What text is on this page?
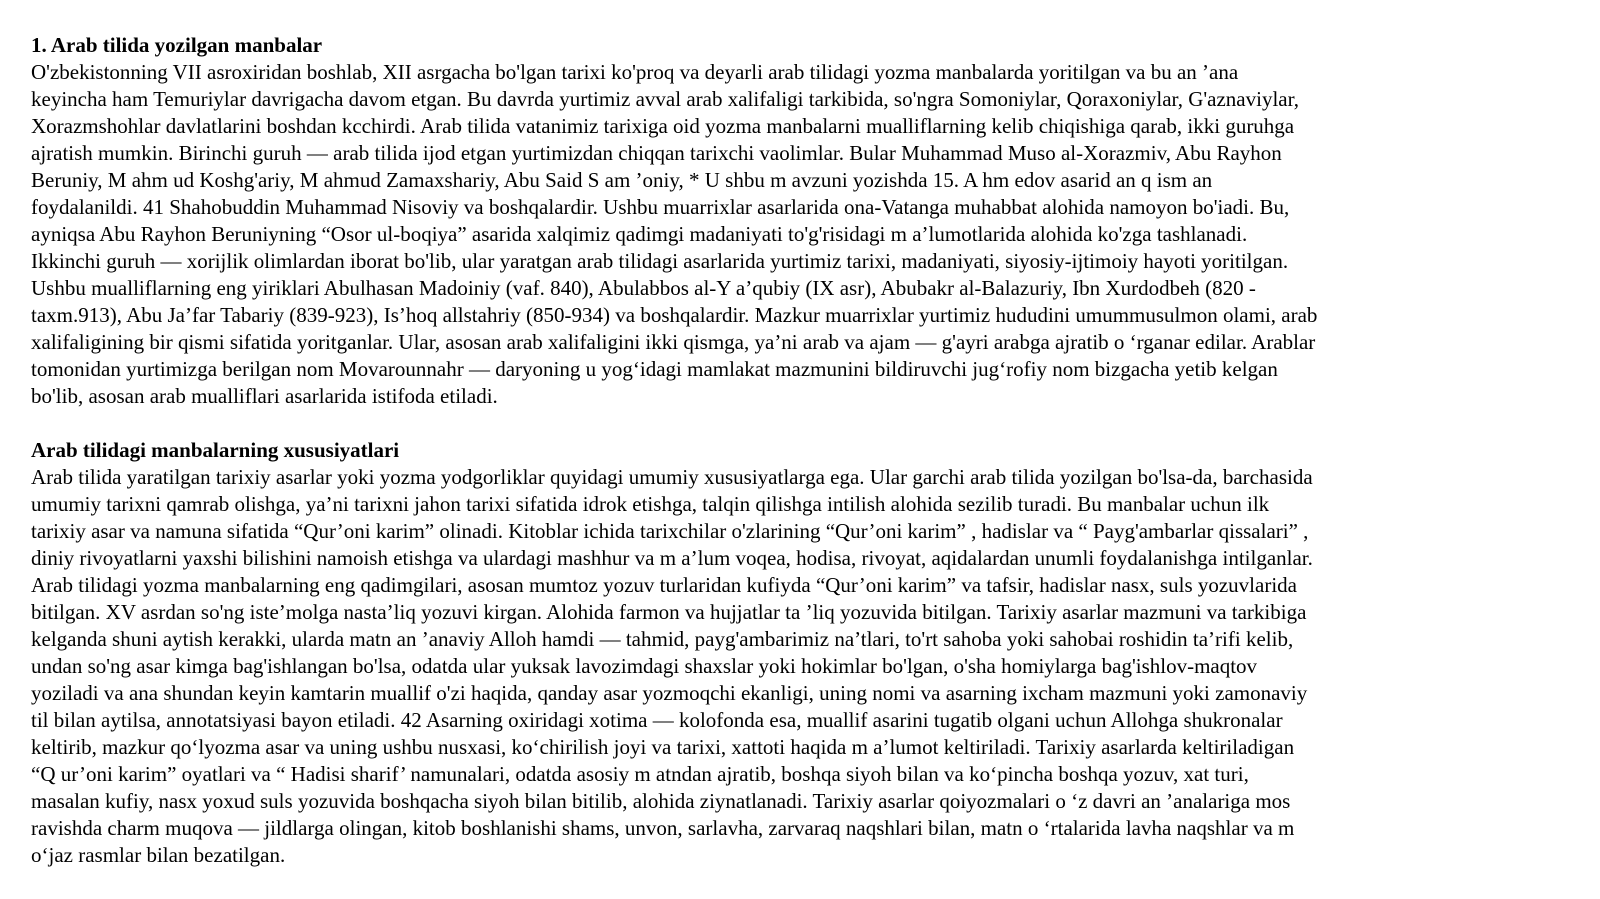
1. Arab tilida yozilgan manbalar

O'zbekistonning VII asroxiridan boshlab, XII asrgacha bo'lgan tarixi ko'proq va deyarli arab tilidagi yozma manbalarda yoritilgan va bu an ’ana
keyincha ham Temuriylar davrigacha davom etgan. Bu davrda yurtimiz avval arab xalifaligi tarkibida, so'ngra Somoniylar, Qoraxoniylar, G'aznaviylar,
Xorazmshohlar davlatlarini boshdan kcchirdi. Arab tilida vatanimiz tarixiga oid yozma manbalarni mualliflarning kelib chiqishiga qarab, ikki guruhga
ajratish mumkin. Birinchi guruh — arab tilida ijod etgan yurtimizdan chiqqan tarixchi vaolimlar. Bular Muhammad Muso al-Xorazmiv, Abu Rayhon
Beruniy, M ahm ud Koshg'ariy, M ahmud Zamaxshariy, Abu Said S am ’oniy, * U shbu m avzuni yozishda 15. A hm edov asarid an q ism an
foydalanildi. 41 Shahobuddin Muhammad Nisoviy va boshqalardir. Ushbu muarrixlar asarlarida ona-Vatanga muhabbat alohida namoyon bo'iadi. Bu,
ayniqsa Abu Rayhon Beruniyning “Osor ul-boqiya” asarida xalqimiz qadimgi madaniyati to'g'risidagi m a’lumotlarida alohida ko'zga tashlanadi.
Ikkinchi guruh — xorijlik olimlardan iborat bo'lib, ular yaratgan arab tilidagi asarlarida yurtimiz tarixi, madaniyati, siyosiy-ijtimoiy hayoti yoritilgan.
Ushbu mualliflarning eng yiriklari Abulhasan Madoiniy (vaf. 840), Abulabbos al-Y a’qubiy (IX asr), Abubakr al-Balazuriy, Ibn Xurdodbeh (820 -
taxm.913), Abu Ja’far Tabariy (839-923), Is’hoq allstahriy (850-934) va boshqalardir. Mazkur muarrixlar yurtimiz hududini umummusulmon olami, arab
xalifaligining bir qismi sifatida yoritganlar. Ular, asosan arab xalifaligini ikki qismga, ya’ni arab va ajam — g'ayri arabga ajratib o ‘rganar edilar. Arablar
tomonidan yurtimizga berilgan nom Movarounnahr — daryoning u yog‘idagi mamlakat mazmunini bildiruvchi jug‘rofiy nom bizgacha yetib kelgan
bo'lib, asosan arab mualliflari asarlarida istifoda etiladi.

Arab tilidagi manbalarning xususiyatlari

Arab tilida yaratilgan tarixiy asarlar yoki yozma yodgorliklar quyidagi umumiy xususiyatlarga ega. Ular garchi arab tilida yozilgan bo'lsa-da, barchasida
umumiy tarixni qamrab olishga, ya’ni tarixni jahon tarixi sifatida idrok etishga, talqin qilishga intilish alohida sezilib turadi. Bu manbalar uchun ilk
tarixiy asar va namuna sifatida “Qur’oni karim” olinadi. Kitoblar ichida tarixchilar o'zlarining “Qur’oni karim” , hadislar va “ Payg'ambarlar qissalari” ,
diniy rivoyatlarni yaxshi bilishini namoish etishga va ulardagi mashhur va m a’lum voqea, hodisa, rivoyat, aqidalardan unumli foydalanishga intilganlar.
Arab tilidagi yozma manbalarning eng qadimgilari, asosan mumtoz yozuv turlaridan kufiyda “Qur’oni karim” va tafsir, hadislar nasx, suls yozuvlarida
bitilgan. XV asrdan so'ng iste’molga nasta’liq yozuvi kirgan. Alohida farmon va hujjatlar ta ’liq yozuvida bitilgan. Tarixiy asarlar mazmuni va tarkibiga
kelganda shuni aytish kerakki, ularda matn an ’anaviy Alloh hamdi — tahmid, payg'ambarimiz na’tlari, to'rt sahoba yoki sahobai roshidin ta’rifi kelib,
undan so'ng asar kimga bag'ishlangan bo'lsa, odatda ular yuksak lavozimdagi shaxslar yoki hokimlar bo'lgan, o'sha homiylarga bag'ishlov-maqtov
yoziladi va ana shundan keyin kamtarin muallif o'zi haqida, qanday asar yozmoqchi ekanligi, uning nomi va asarning ixcham mazmuni yoki zamonaviy
til bilan aytilsa, annotatsiyasi bayon etiladi. 42 Asarning oxiridagi xotima — kolofonda esa, muallif asarini tugatib olgani uchun Allohga shukronalar
keltirib, mazkur qo‘lyozma asar va uning ushbu nusxasi, ko‘chirilish joyi va tarixi, xattoti haqida m a’lumot keltiriladi. Tarixiy asarlarda keltiriladigan
“Q ur’oni karim” oyatlari va “ Hadisi sharif’ namunalari, odatda asosiy m atndan ajratib, boshqa siyoh bilan va ko‘pincha boshqa yozuv, xat turi,
masalan kufiy, nasx yoxud suls yozuvida boshqacha siyoh bilan bitilib, alohida ziynatlanadi. Tarixiy asarlar qoiyozmalari o ‘z davri an ’analariga mos
ravishda charm muqova — jildlarga olingan, kitob boshlanishi shams, unvon, sarlavha, zarvaraq naqshlari bilan, matn o ‘rtalarida lavha naqshlar va m
o‘jaz rasmlar bilan bezatilgan.
